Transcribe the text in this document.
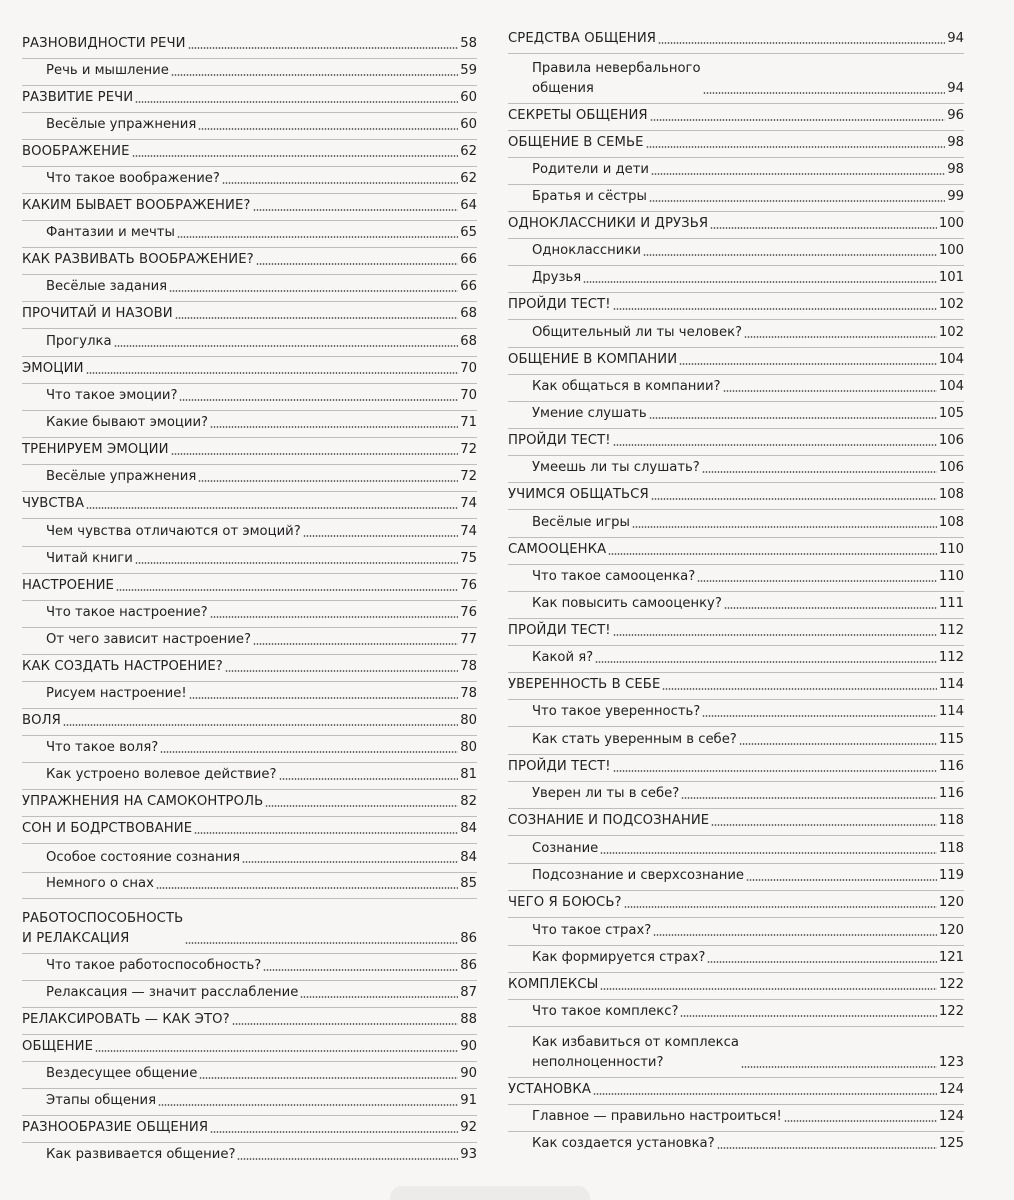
РАЗНОВИДНОСТИ РЕЧИ	58
Речь и мышление	59
РАЗВИТИЕ РЕЧИ	60
Весёлые упражнения	60
ВООБРАЖЕНИЕ	62
Что такое воображение?	62
КАКИМ БЫВАЕТ ВООБРАЖЕНИЕ?	64
Фантазии и мечты	65
КАК РАЗВИВАТЬ ВООБРАЖЕНИЕ?	66
Весёлые задания	66
ПРОЧИТАЙ И НАЗОВИ	68
Прогулка	68
ЭМОЦИИ	70
Что такое эмоции?	70
Какие бывают эмоции?	71
ТРЕНИРУЕМ ЭМОЦИИ	72
Весёлые упражнения	72
ЧУВСТВА	74
Чем чувства отличаются от эмоций?	74
Читай книги	75
НАСТРОЕНИЕ	76
Что такое настроение?	76
От чего зависит настроение?	77
КАК СОЗДАТЬ НАСТРОЕНИЕ?	78
Рисуем настроение!	78
ВОЛЯ	80
Что такое воля?	80
Как устроено волевое действие?	81
УПРАЖНЕНИЯ НА САМОКОНТРОЛЬ	82
СОН И БОДРСТВОВАНИЕ	84
Особое состояние сознания	84
Немного о снах	85
РАБОТОСПОСОБНОСТЬ
И РЕЛАКСАЦИЯ	86
Что такое работоспособность?	86
Релаксация — значит расслабление	87
РЕЛАКСИРОВАТЬ — КАК ЭТО?	88
ОБЩЕНИЕ	90
Вездесущее общение	90
Этапы общения	91
РАЗНООБРАЗИЕ ОБЩЕНИЯ	92
Как развивается общение?	93
СРЕДСТВА ОБЩЕНИЯ	94
Правила невербального
общения	94
СЕКРЕТЫ ОБЩЕНИЯ	96
ОБЩЕНИЕ В СЕМЬЕ	98
Родители и дети	98
Братья и сёстры	99
ОДНОКЛАССНИКИ И ДРУЗЬЯ	100
Одноклассники	100
Друзья	101
ПРОЙДИ ТЕСТ!	102
Общительный ли ты человек?	102
ОБЩЕНИЕ В КОМПАНИИ	104
Как общаться в компании?	104
Умение слушать	105
ПРОЙДИ ТЕСТ!	106
Умеешь ли ты слушать?	106
УЧИМСЯ ОБЩАТЬСЯ	108
Весёлые игры	108
САМООЦЕНКА	110
Что такое самооценка?	110
Как повысить самооценку?	111
ПРОЙДИ ТЕСТ!	112
Какой я?	112
УВЕРЕННОСТЬ В СЕБЕ	114
Что такое уверенность?	114
Как стать уверенным в себе?	115
ПРОЙДИ ТЕСТ!	116
Уверен ли ты в себе?	116
СОЗНАНИЕ И ПОДСОЗНАНИЕ	118
Сознание	118
Подсознание и сверхсознание	119
ЧЕГО Я БОЮСЬ?	120
Что такое страх?	120
Как формируется страх?	121
КОМПЛЕКСЫ	122
Что такое комплекс?	122
Как избавиться от комплекса
неполноценности?	123
УСТАНОВКА	124
Главное — правильно настроиться!	124
Как создается установка?	125
